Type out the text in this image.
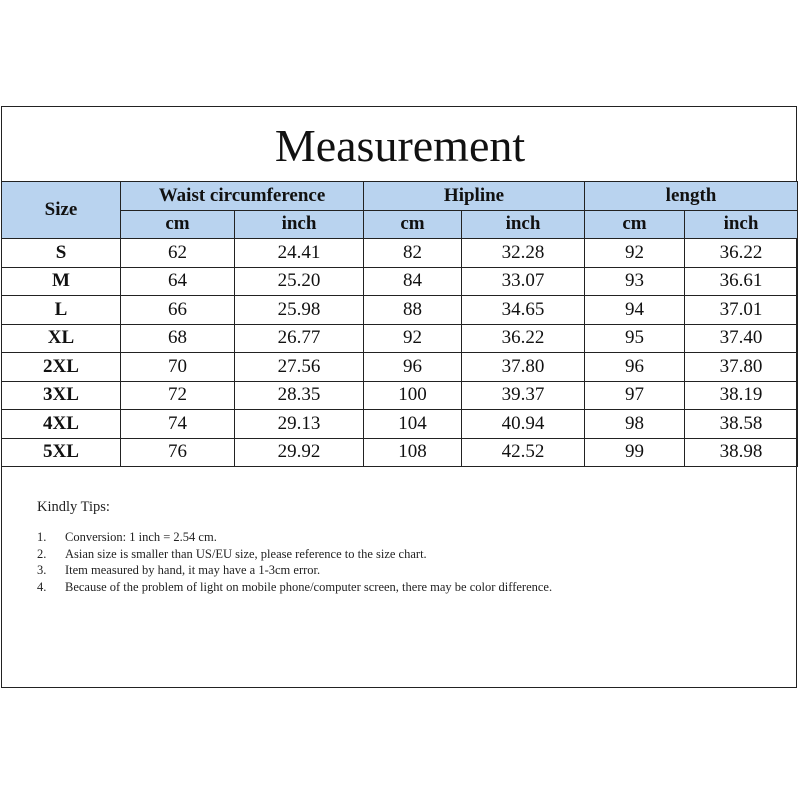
Measurement
Size	Waist circumference		Hipline		length	
	cm	inch	cm	inch	cm	inch
S	62	24.41	82	32.28	92	36.22
M	64	25.20	84	33.07	93	36.61
L	66	25.98	88	34.65	94	37.01
XL	68	26.77	92	36.22	95	37.40
2XL	70	27.56	96	37.80	96	37.80
3XL	72	28.35	100	39.37	97	38.19
4XL	74	29.13	104	40.94	98	38.58
5XL	76	29.92	108	42.52	99	38.98
Kindly Tips:
1. Conversion: 1 inch = 2.54 cm.
2. Asian size is smaller than US/EU size, please reference to the size chart.
3. Item measured by hand, it may have a 1-3cm error.
4. Because of the problem of light on mobile phone/computer screen, there may be color difference.
